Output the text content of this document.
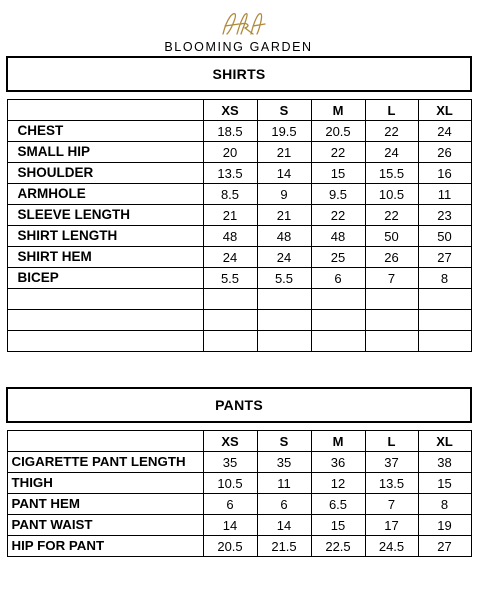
BLOOMING GARDEN
SHIRTS					

	XS	S	M	L	XL
CHEST	18.5	19.5	20.5	22	24
SMALL HIP	20	21	22	24	26
SHOULDER	13.5	14	15	15.5	16
ARMHOLE	8.5	9	9.5	10.5	11
SLEEVE LENGTH	21	21	22	22	23
SHIRT LENGTH	48	48	48	50	50
SHIRT HEM	24	24	25	26	27
BICEP	5.5	5.5	6	7	8

PANTS					

	XS	S	M	L	XL
CIGARETTE PANT LENGTH	35	35	36	37	38
THIGH	10.5	11	12	13.5	15
PANT HEM	6	6	6.5	7	8
PANT WAIST	14	14	15	17	19
HIP FOR PANT	20.5	21.5	22.5	24.5	27
